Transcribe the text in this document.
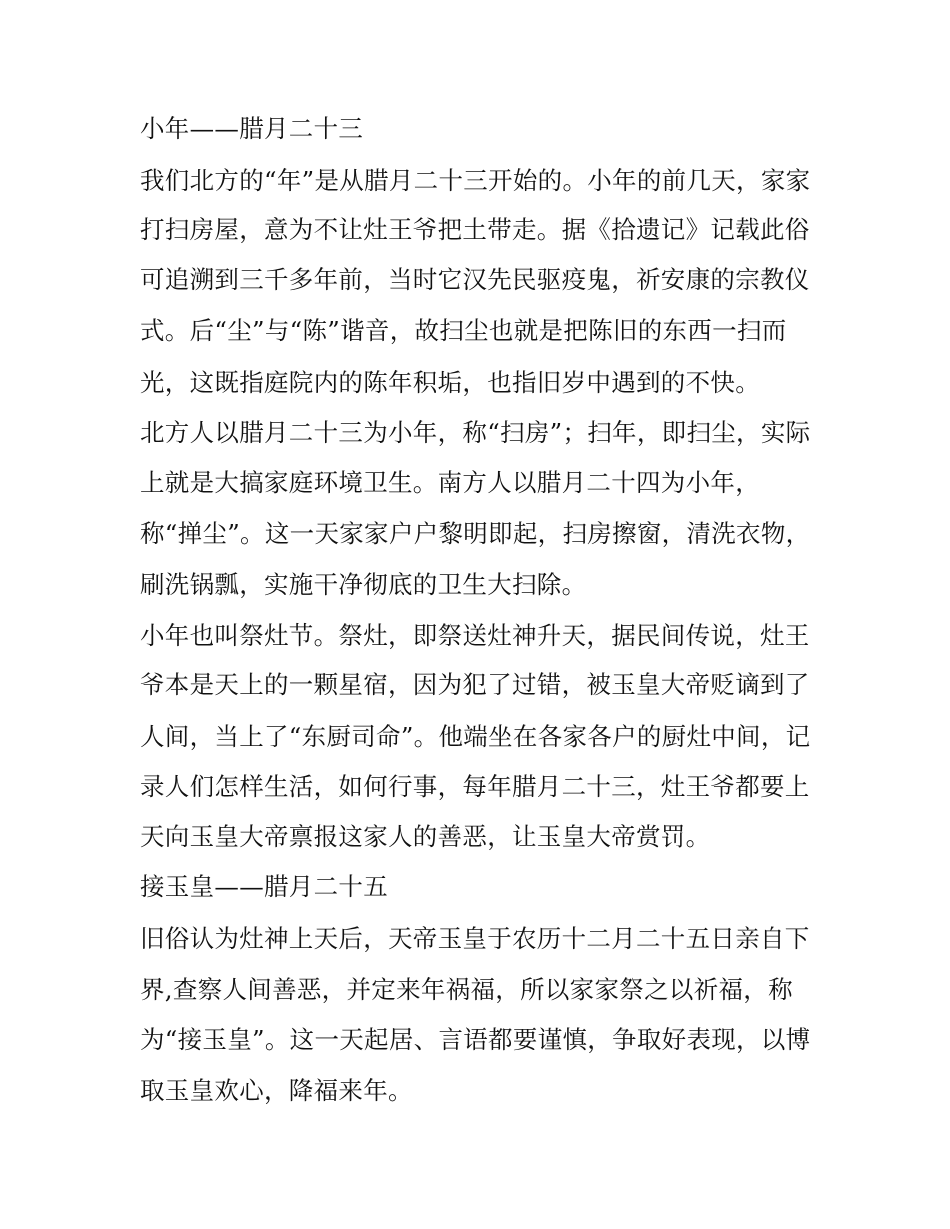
小年——腊月二十三
我们北方的“年”是从腊月二十三开始的。小年的前几天，家家
打扫房屋，意为不让灶王爷把土带走。据《拾遗记》记载此俗
可追溯到三千多年前，当时它汉先民驱疫鬼，祈安康的宗教仪
式。后“尘”与“陈”谐音，故扫尘也就是把陈旧的东西一扫而
光，这既指庭院内的陈年积垢，也指旧岁中遇到的不快。
北方人以腊月二十三为小年，称“扫房”；扫年，即扫尘，实际
上就是大搞家庭环境卫生。南方人以腊月二十四为小年，
称“掸尘”。这一天家家户户黎明即起，扫房擦窗，清洗衣物，
刷洗锅瓢，实施干净彻底的卫生大扫除。
小年也叫祭灶节。祭灶，即祭送灶神升天，据民间传说，灶王
爷本是天上的一颗星宿，因为犯了过错，被玉皇大帝贬谪到了
人间，当上了“东厨司命”。他端坐在各家各户的厨灶中间，记
录人们怎样生活，如何行事，每年腊月二十三，灶王爷都要上
天向玉皇大帝禀报这家人的善恶，让玉皇大帝赏罚。
接玉皇——腊月二十五
旧俗认为灶神上天后，天帝玉皇于农历十二月二十五日亲自下
界,查察人间善恶，并定来年祸福，所以家家祭之以祈福，称
为“接玉皇”。这一天起居、言语都要谨慎，争取好表现，以博
取玉皇欢心，降福来年。
